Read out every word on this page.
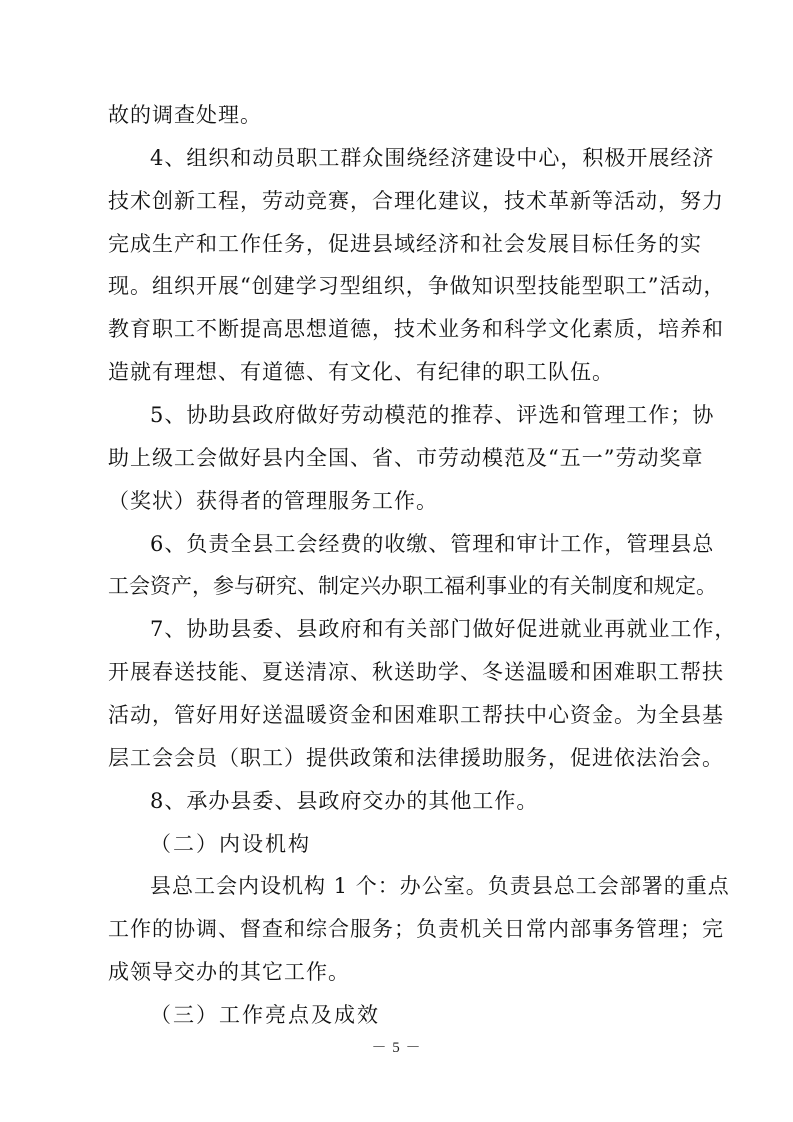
故的调查处理。
4、组织和动员职工群众围绕经济建设中心，积极开展经济
技术创新工程，劳动竞赛，合理化建议，技术革新等活动，努力
完成生产和工作任务，促进县域经济和社会发展目标任务的实
现。组织开展“创建学习型组织，争做知识型技能型职工”活动，
教育职工不断提高思想道德，技术业务和科学文化素质，培养和
造就有理想、有道德、有文化、有纪律的职工队伍。
5、协助县政府做好劳动模范的推荐、评选和管理工作；协
助上级工会做好县内全国、省、市劳动模范及“五一”劳动奖章
（奖状）获得者的管理服务工作。
6、负责全县工会经费的收缴、管理和审计工作，管理县总
工会资产，参与研究、制定兴办职工福利事业的有关制度和规定。
7、协助县委、县政府和有关部门做好促进就业再就业工作，
开展春送技能、夏送清凉、秋送助学、冬送温暖和困难职工帮扶
活动，管好用好送温暖资金和困难职工帮扶中心资金。为全县基
层工会会员（职工）提供政策和法律援助服务，促进依法治会。
8、承办县委、县政府交办的其他工作。
（二）内设机构
县总工会内设机构 1 个：办公室。负责县总工会部署的重点
工作的协调、督查和综合服务；负责机关日常内部事务管理；完
成领导交办的其它工作。
（三）工作亮点及成效
－ 5 －
